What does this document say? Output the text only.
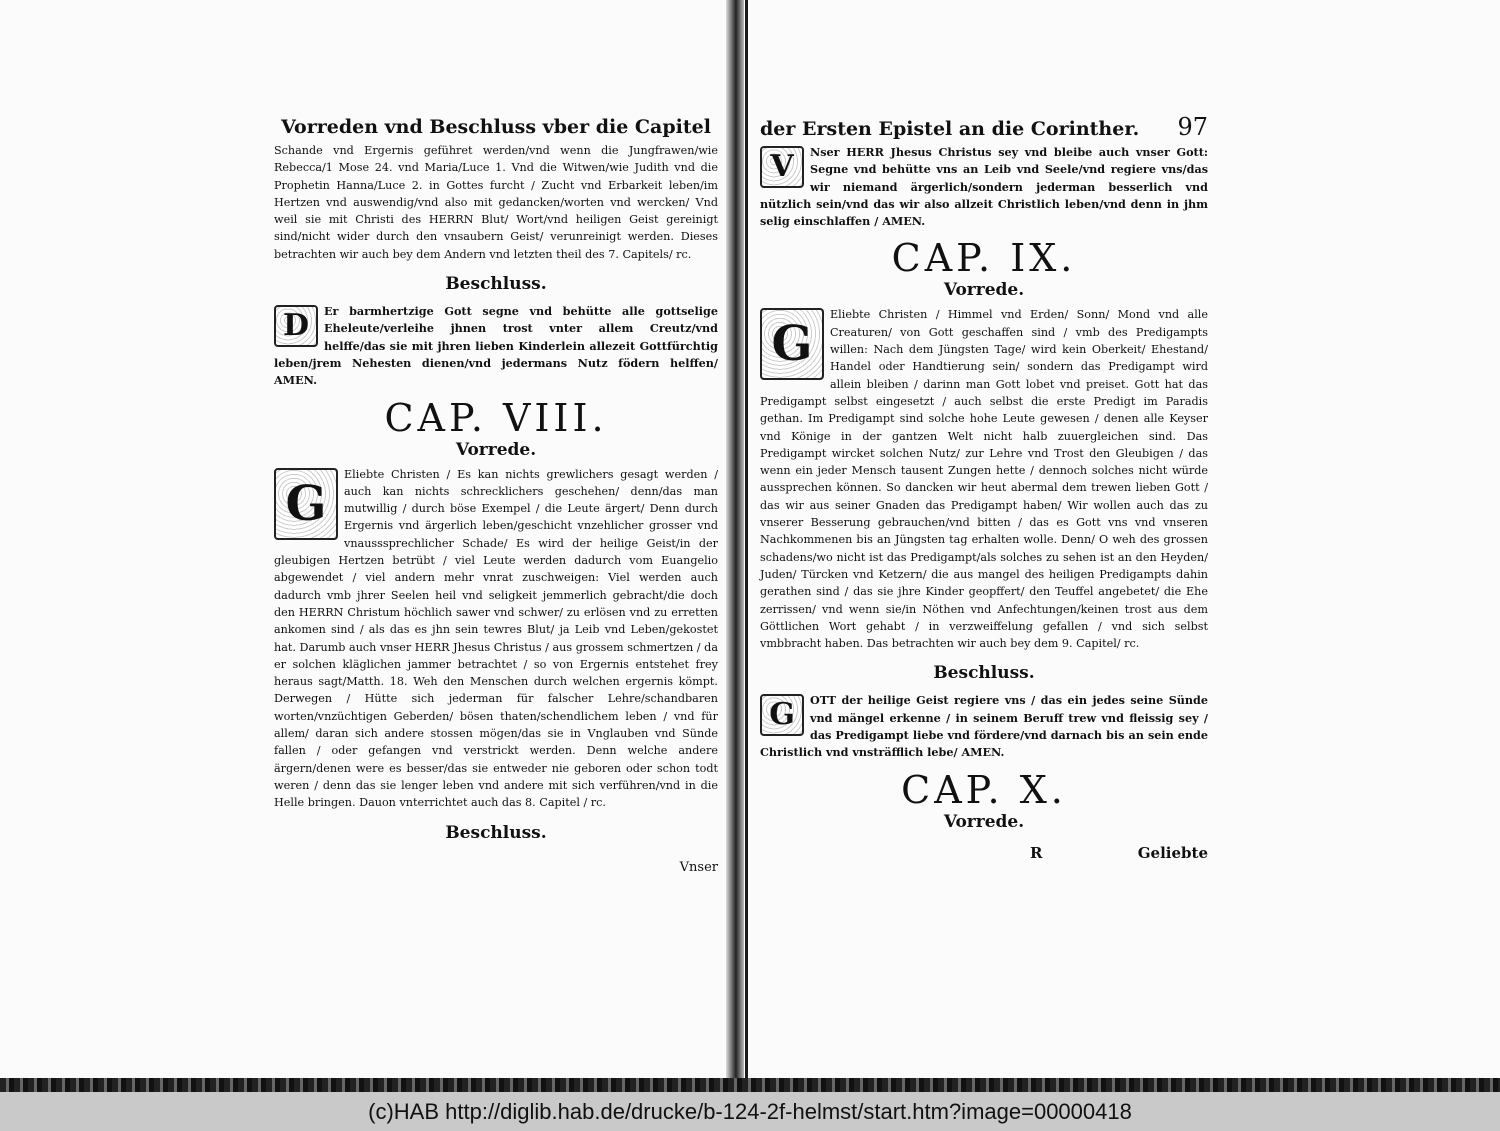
Vorreden vnd Beschluss vber die Capitel

Schande vnd Ergernis geführet werden/vnd wenn die Jungfrawen/wie Rebecca/1 Mose 24. vnd Maria/Luce 1. Vnd die Witwen/wie Judith vnd die Prophetin Hanna/Luce 2. in Gottes furcht / Zucht vnd Erbarkeit leben/im Hertzen vnd auswendig/vnd also mit gedancken/worten vnd wercken/ Vnd weil sie mit Christi des HERRN Blut/ Wort/vnd heiligen Geist gereinigt sind/nicht wider durch den vnsaubern Geist/ verunreinigt werden. Dieses betrachten wir auch bey dem Andern vnd letzten theil des 7. Capitels/ rc.

Beschluss.
D	Er barmhertzige Gott segne vnd behütte alle gottselige Eheleute/verleihe jhnen trost vnter allem Creutz/vnd helffe/das sie mit jhren lieben Kinderlein allezeit Gottfürchtig leben/jrem Nehesten dienen/vnd jedermans Nutz födern helffen/ AMEN.

CAP. VIII.
Vorrede.
G

Eliebte Christen / Es kan nichts grewlichers gesagt werden / auch kan nichts schrecklichers geschehen/ denn/das man mutwillig / durch böse Exempel / die Leute ärgert/ Denn durch Ergernis vnd ärgerlich leben/geschicht vnzehlicher grosser vnd vnausssprechlicher Schade/ Es wird der heilige Geist/in der gleubigen Hertzen betrübt / viel Leute werden dadurch vom Euangelio abgewendet / viel andern mehr vnrat zuschweigen: Viel werden auch dadurch vmb jhrer Seelen heil vnd seligkeit jemmerlich gebracht/die doch den HERRN Christum höchlich sawer vnd schwer/ zu erlösen vnd zu erretten ankomen sind / als das es jhn sein tewres Blut/ ja Leib vnd Leben/gekostet hat. Darumb auch vnser HERR Jhesus Christus / aus grossem schmertzen / da er solchen kläglichen jammer betrachtet / so von Ergernis entstehet frey heraus sagt/Matth. 18. Weh den Menschen durch welchen ergernis kömpt. Derwegen / Hütte sich jederman für falscher Lehre/schandbaren worten/vnzüchtigen Geberden/ bösen thaten/schendlichem leben / vnd für allem/ daran sich andere stossen mögen/das sie in Vnglauben vnd Sünde fallen / oder gefangen vnd verstrickt werden. Denn welche andere ärgern/denen were es besser/das sie entweder nie geboren oder schon todt weren / denn das sie lenger leben vnd andere mit sich verführen/vnd in die Helle bringen. Dauon vnterrichtet auch das 8. Capitel / rc.

Beschluss.
Vnser
der Ersten Epistel an die Corinther. 97
V	Nser HERR Jhesus Christus sey vnd bleibe auch vnser Gott: Segne vnd behütte vns an Leib vnd Seele/vnd regiere vns/das wir niemand ärgerlich/sondern jederman besserlich vnd nützlich sein/vnd das wir also allzeit Christlich leben/vnd denn in jhm selig einschlaffen / AMEN.

CAP. IX.
Vorrede.
G

Eliebte Christen / Himmel vnd Erden/ Sonn/ Mond vnd alle Creaturen/ von Gott geschaffen sind / vmb des Predigampts willen: Nach dem Jüngsten Tage/ wird kein Oberkeit/ Ehestand/ Handel oder Handtierung sein/ sondern das Predigampt wird allein bleiben / darinn man Gott lobet vnd preiset. Gott hat das Predigampt selbst eingesetzt / auch selbst die erste Predigt im Paradis gethan. Im Predigampt sind solche hohe Leute gewesen / denen alle Keyser vnd Könige in der gantzen Welt nicht halb zuuergleichen sind. Das Predigampt wircket solchen Nutz/ zur Lehre vnd Trost den Gleubigen / das wenn ein jeder Mensch tausent Zungen hette / dennoch solches nicht würde aussprechen können. So dancken wir heut abermal dem trewen lieben Gott / das wir aus seiner Gnaden das Predigampt haben/ Wir wollen auch das zu vnserer Besserung gebrauchen/vnd bitten / das es Gott vns vnd vnseren Nachkommenen bis an Jüngsten tag erhalten wolle. Denn/ O weh des grossen schadens/wo nicht ist das Predigampt/als solches zu sehen ist an den Heyden/ Juden/ Türcken vnd Ketzern/ die aus mangel des heiligen Predigampts dahin gerathen sind / das sie jhre Kinder geopffert/ den Teuffel angebetet/ die Ehe zerrissen/ vnd wenn sie/in Nöthen vnd Anfechtungen/keinen trost aus dem Göttlichen Wort gehabt / in verzweiffelung gefallen / vnd sich selbst vmbbracht haben. Das betrachten wir auch bey dem 9. Capitel/ rc.

Beschluss.
G	OTT der heilige Geist regiere vns / das ein jedes seine Sünde vnd mängel erkenne / in seinem Beruff trew vnd fleissig sey / das Predigampt liebe vnd fördere/vnd darnach bis an sein ende Christlich vnd vnsträfflich lebe/ AMEN.

CAP. X.
Vorrede.
R	Geliebte
(c)HAB http://diglib.hab.de/drucke/b-124-2f-helmst/start.htm?image=00000418
